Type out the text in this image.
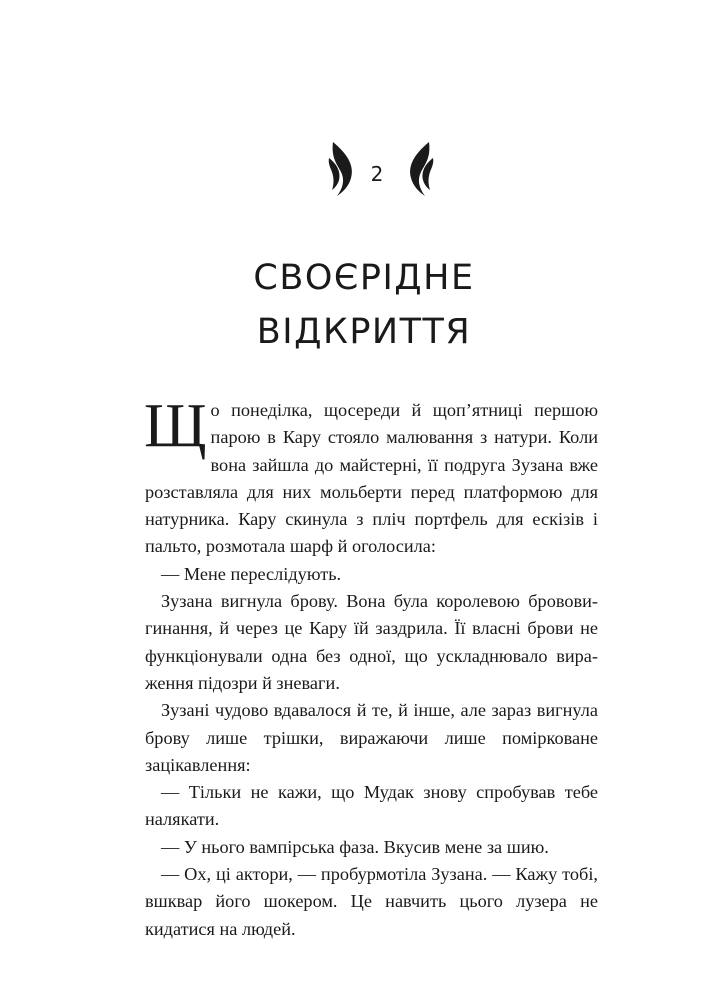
2
СВОЄРІДНЕ
ВІДКРИТТЯ

Що понеділка, щосереди й щоп’ятниці першою парою в Кару стояло малювання з натури. Коли вона зайшла до майстерні, її подруга Зузана вже розставляла для них мольберти перед платформою для натурника. Кару скинула з пліч портфель для ескізів і пальто, розмотала шарф й оголосила:

— Мене переслідують.

Зузана вигнула брову. Вона була королевою брововигинання, й через це Кару їй заздрила. Її власні брови не функціонували одна без одної, що ускладнювало вираження підозри й зневаги.

Зузані чудово вдавалося й те, й інше, але зараз вигнула брову лише трішки, виражаючи лише помірковане зацікавлення:

— Тільки не кажи, що Мудак знову спробував тебе налякати.

— У нього вампірська фаза. Вкусив мене за шию.

— Ох, ці актори, — пробурмотіла Зузана. — Кажу тобі, вшквар його шокером. Це навчить цього лузера не кидатися на людей.
